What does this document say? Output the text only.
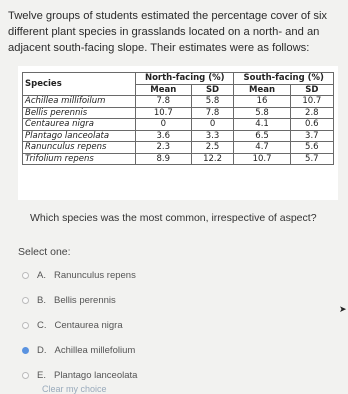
Twelve groups of students estimated the percentage cover of six different plant species in grasslands located on a north- and an adjacent south-facing slope. Their estimates were as follows:
Species	North-facing (%)		South-facing (%)	
	Mean	SD	Mean	SD
Achillea millifoilum	7.8	5.8	16	10.7
Bellis perennis	10.7	7.8	5.8	2.8
Centaurea nigra	0	0	4.1	0.6
Plantago lanceolata	3.6	3.3	6.5	3.7
Ranunculus repens	2.3	2.5	4.7	5.6
Trifolium repens	8.9	12.2	10.7	5.7
Which species was the most common, irrespective of aspect?
Select one:
A. Ranunculus repens
B. Bellis perennis
C. Centaurea nigra
D. Achillea millefolium
E. Plantago lanceolata
Clear my choice
➤
